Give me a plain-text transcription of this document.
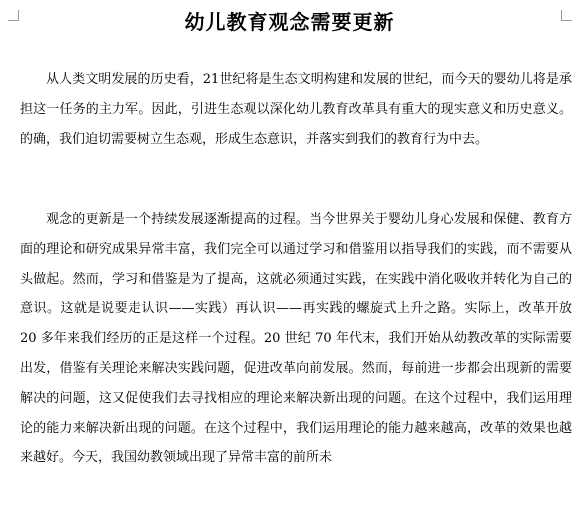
幼儿教育观念需要更新

从人类文明发展的历史看，21世纪将是生态文明构建和发展的世纪，而今天的婴幼儿将是承担这一任务的主力军。因此，引进生态观以深化幼儿教育改革具有重大的现实意义和历史意义。的确，我们迫切需要树立生态观，形成生态意识，并落实到我们的教育行为中去。

观念的更新是一个持续发展逐渐提高的过程。当今世界关于婴幼儿身心发展和保健、教育方面的理论和研究成果异常丰富，我们完全可以通过学习和借鉴用以指导我们的实践，而不需要从头做起。然而，学习和借鉴是为了提高，这就必须通过实践，在实践中消化吸收并转化为自己的意识。这就是说要走认识——实践）再认识——再实践的螺旋式上升之路。实际上，改革开放 20 多年来我们经历的正是这样一个过程。20 世纪 70 年代末，我们开始从幼教改革的实际需要出发，借鉴有关理论来解决实践问题，促进改革向前发展。然而，每前进一步都会出现新的需要解决的问题，这又促使我们去寻找相应的理论来解决新出现的问题。在这个过程中，我们运用理论的能力来解决新出现的问题。在这个过程中，我们运用理论的能力越来越高，改革的效果也越来越好。今天，我国幼教领域出现了异常丰富的前所未
